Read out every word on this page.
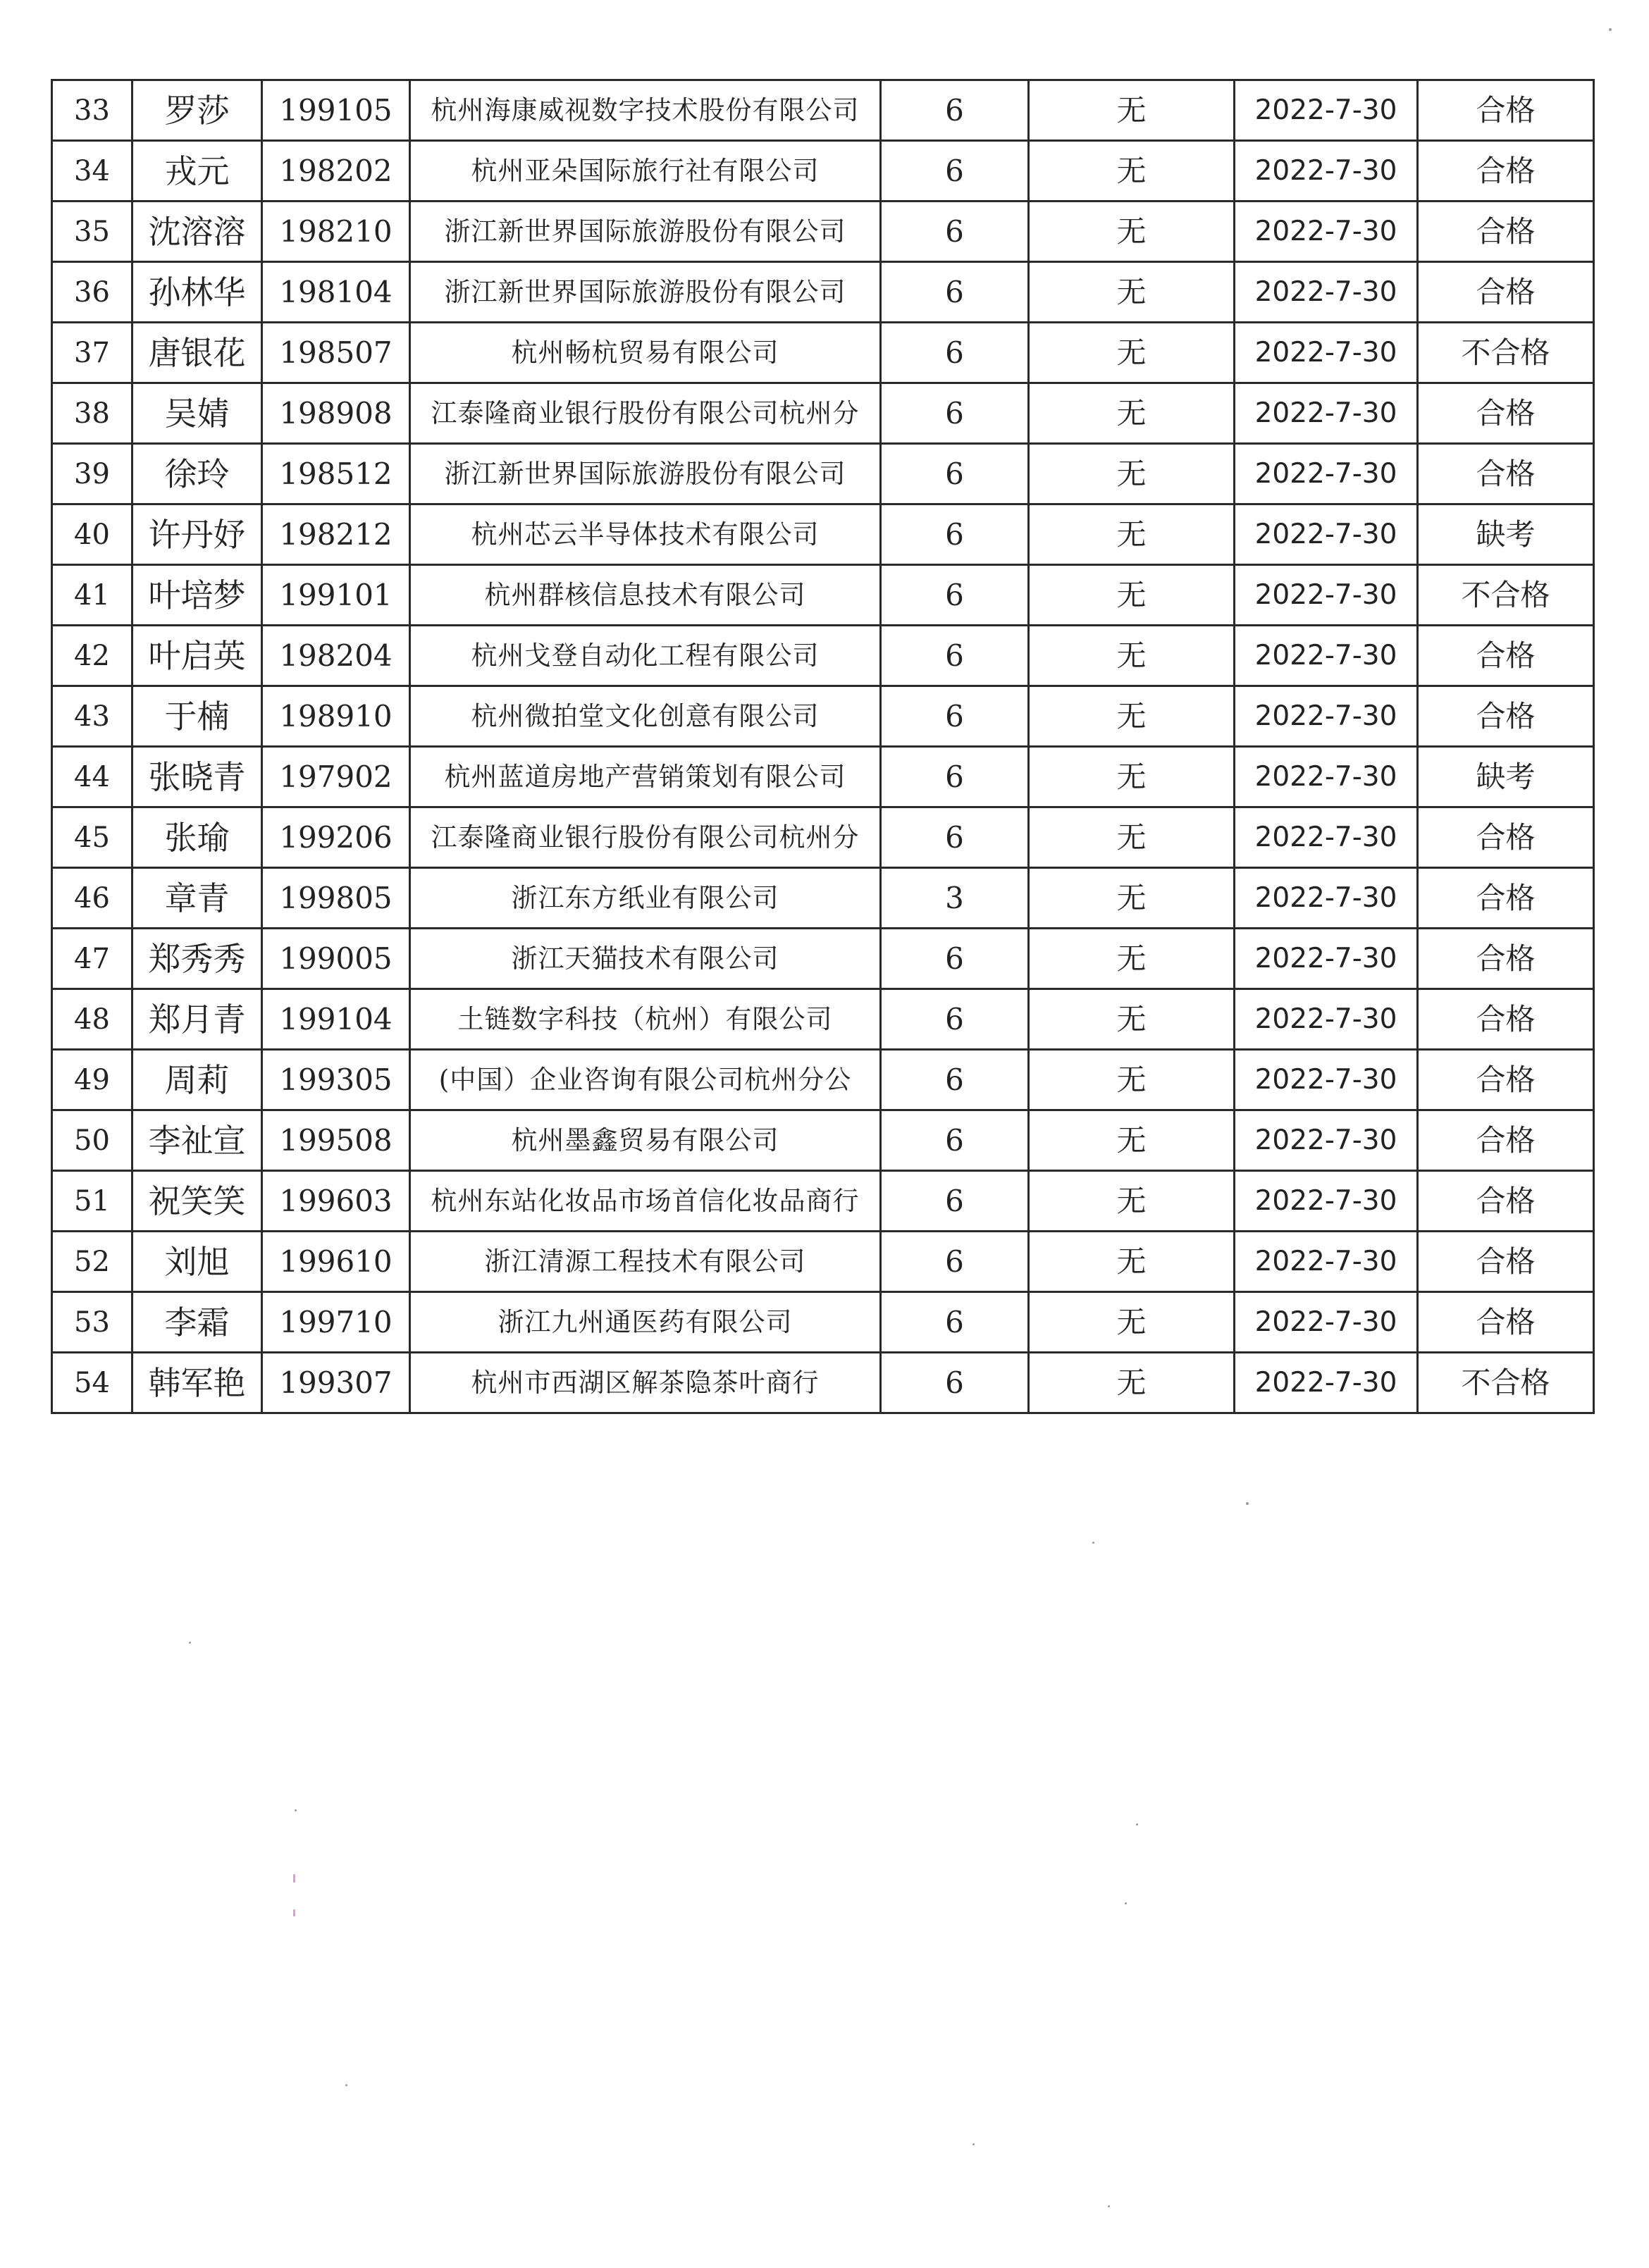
33	罗莎	199105	杭州海康威视数字技术股份有限公司	6	无	2022-7-30	合格
34	戎元	198202	杭州亚朵国际旅行社有限公司	6	无	2022-7-30	合格
35	沈溶溶	198210	浙江新世界国际旅游股份有限公司	6	无	2022-7-30	合格
36	孙林华	198104	浙江新世界国际旅游股份有限公司	6	无	2022-7-30	合格
37	唐银花	198507	杭州畅杭贸易有限公司	6	无	2022-7-30	不合格
38	吴婧	198908	江泰隆商业银行股份有限公司杭州分	6	无	2022-7-30	合格
39	徐玲	198512	浙江新世界国际旅游股份有限公司	6	无	2022-7-30	合格
40	许丹妤	198212	杭州芯云半导体技术有限公司	6	无	2022-7-30	缺考
41	叶培梦	199101	杭州群核信息技术有限公司	6	无	2022-7-30	不合格
42	叶启英	198204	杭州戈登自动化工程有限公司	6	无	2022-7-30	合格
43	于楠	198910	杭州微拍堂文化创意有限公司	6	无	2022-7-30	合格
44	张晓青	197902	杭州蓝道房地产营销策划有限公司	6	无	2022-7-30	缺考
45	张瑜	199206	江泰隆商业银行股份有限公司杭州分	6	无	2022-7-30	合格
46	章青	199805	浙江东方纸业有限公司	3	无	2022-7-30	合格
47	郑秀秀	199005	浙江天猫技术有限公司	6	无	2022-7-30	合格
48	郑月青	199104	土链数字科技（杭州）有限公司	6	无	2022-7-30	合格
49	周莉	199305	(中国）企业咨询有限公司杭州分公	6	无	2022-7-30	合格
50	李祉宣	199508	杭州墨鑫贸易有限公司	6	无	2022-7-30	合格
51	祝笑笑	199603	杭州东站化妆品市场首信化妆品商行	6	无	2022-7-30	合格
52	刘旭	199610	浙江清源工程技术有限公司	6	无	2022-7-30	合格
53	李霜	199710	浙江九州通医药有限公司	6	无	2022-7-30	合格
54	韩军艳	199307	杭州市西湖区解茶隐茶叶商行	6	无	2022-7-30	不合格
